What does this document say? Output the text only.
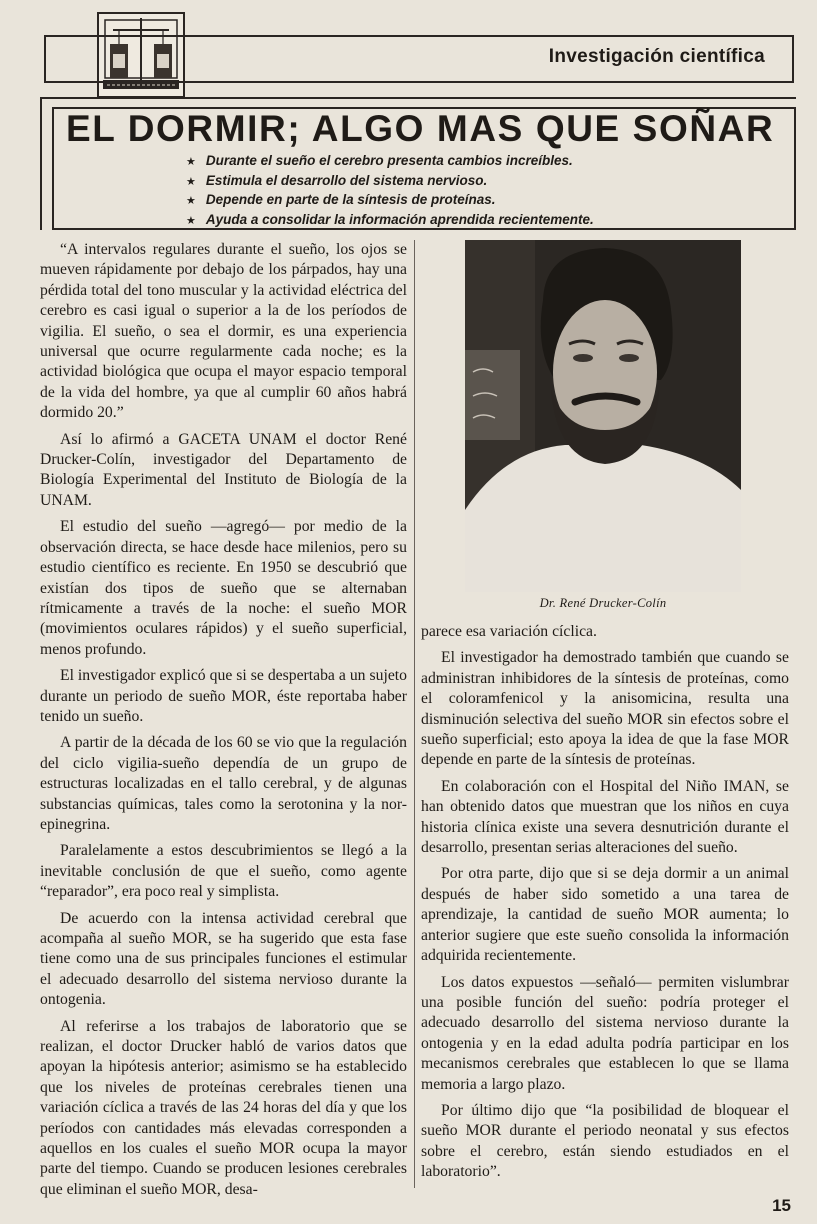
Investigación científica
EL DORMIR; ALGO MAS QUE SOÑAR
★ Durante el sueño el cerebro presenta cambios increíbles.
★ Estimula el desarrollo del sistema nervioso.
★ Depende en parte de la síntesis de proteínas.
★ Ayuda a consolidar la información aprendida recientemente.

“A intervalos regulares durante el sueño, los ojos se mueven rápidamente por debajo de los párpados, hay una pérdida total del tono muscular y la actividad eléctrica del cerebro es casi igual o superior a la de los períodos de vigilia. El sueño, o sea el dormir, es una experiencia universal que ocurre regularmente cada noche; es la actividad biológica que ocupa el mayor espacio temporal de la vida del hombre, ya que al cumplir 60 años habrá dormido 20.”

Así lo afirmó a GACETA UNAM el doctor René Drucker-Colín, investigador del Departamento de Biología Experimental del Instituto de Biología de la UNAM.

El estudio del sueño —agregó— por medio de la observación directa, se hace desde hace milenios, pero su estudio científico es reciente. En 1950 se descubrió que existían dos tipos de sueño que se alternaban rítmicamente a través de la noche: el sueño MOR (movimientos oculares rápidos) y el sueño superficial, menos profundo.

El investigador explicó que si se despertaba a un sujeto durante un periodo de sueño MOR, éste reportaba haber tenido un sueño.

A partir de la década de los 60 se vio que la regulación del ciclo vigilia-sueño dependía de un grupo de estructuras localizadas en el tallo cerebral, y de algunas substancias químicas, tales como la serotonina y la nor-epinegrina.

Paralelamente a estos descubrimientos se llegó a la inevitable conclusión de que el sueño, como agente “reparador”, era poco real y simplista.

De acuerdo con la intensa actividad cerebral que acompaña al sueño MOR, se ha sugerido que esta fase tiene como una de sus principales funciones el estimular el adecuado desarrollo del sistema nervioso durante la ontogenia.

Al referirse a los trabajos de laboratorio que se realizan, el doctor Drucker habló de varios datos que apoyan la hipótesis anterior; asimismo se ha establecido que los niveles de proteínas cerebrales tienen una variación cíclica a través de las 24 horas del día y que los períodos con cantidades más elevadas corresponden a aquellos en los cuales el sueño MOR ocupa la mayor parte del tiempo. Cuando se producen lesiones cerebrales que eliminan el sueño MOR, desa-

Dr. René Drucker-Colín

parece esa variación cíclica.

El investigador ha demostrado también que cuando se administran inhibidores de la síntesis de proteínas, como el coloramfenicol y la anisomicina, resulta una disminución selectiva del sueño MOR sin efectos sobre el sueño superficial; esto apoya la idea de que la fase MOR depende en parte de la síntesis de proteínas.

En colaboración con el Hospital del Niño IMAN, se han obtenido datos que muestran que los niños en cuya historia clínica existe una severa desnutrición durante el desarrollo, presentan serias alteraciones del sueño.

Por otra parte, dijo que si se deja dormir a un animal después de haber sido sometido a una tarea de aprendizaje, la cantidad de sueño MOR aumenta; lo anterior sugiere que este sueño consolida la información adquirida recientemente.

Los datos expuestos —señaló— permiten vislumbrar una posible función del sueño: podría proteger el adecuado desarrollo del sistema nervioso durante la ontogenia y en la edad adulta podría participar en los mecanismos cerebrales que establecen lo que se llama memoria a largo plazo.

Por último dijo que “la posibilidad de bloquear el sueño MOR durante el periodo neonatal y sus efectos sobre el cerebro, están siendo estudiados en el laboratorio”.

15
